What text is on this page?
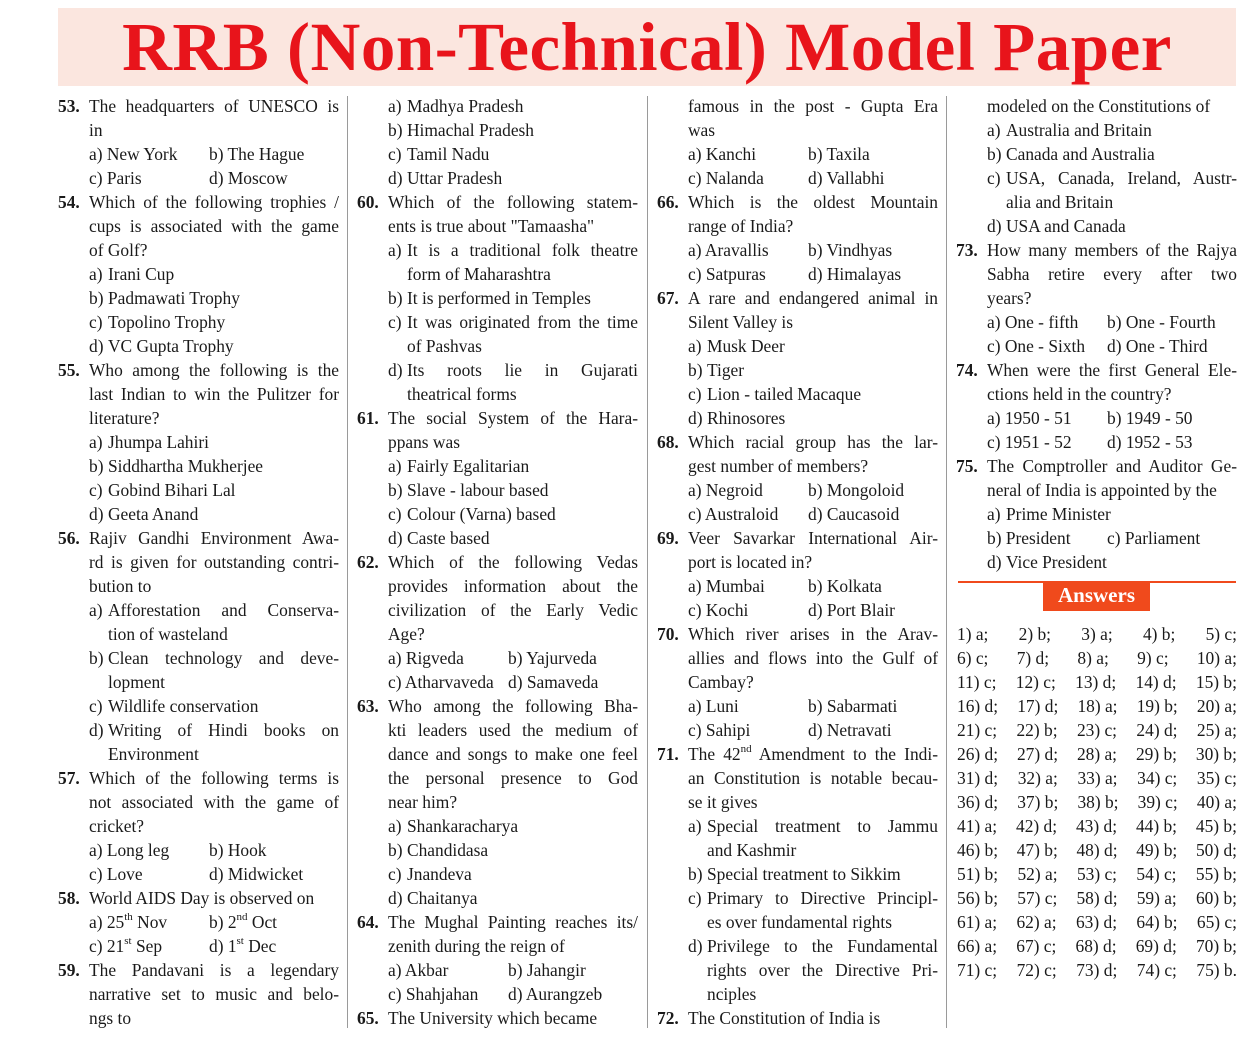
RRB (Non-Technical) Model Paper
53. The headquarters of UNESCO is
in
a) New York	b) The Hague
c) Paris	d) Moscow
54. Which of the following trophies /
cups is associated with the game
of Golf?
a) Irani Cup
b) Padmawati Trophy
c) Topolino Trophy
d) VC Gupta Trophy
55. Who among the following is the
last Indian to win the Pulitzer for
literature?
a) Jhumpa Lahiri
b) Siddhartha Mukherjee
c) Gobind Bihari Lal
d) Geeta Anand
56. Rajiv Gandhi Environment Awa-
rd is given for outstanding contri-
bution to
a) Afforestation and Conserva-
tion of wasteland
b) Clean technology and deve-
lopment
c) Wildlife conservation
d) Writing of Hindi books on
Environment
57. Which of the following terms is
not associated with the game of
cricket?
a) Long leg	b) Hook
c) Love	d) Midwicket
58. World AIDS Day is observed on
a) 25th Nov	b) 2nd Oct
c) 21st Sep	d) 1st Dec
59. The Pandavani is a legendary
narrative set to music and belo-
ngs to
a) Madhya Pradesh
b) Himachal Pradesh
c) Tamil Nadu
d) Uttar Pradesh
60. Which of the following statem-
ents is true about "Tamaasha"
a) It is a traditional folk theatre
form of Maharashtra
b) It is performed in Temples
c) It was originated from the time
of Pashvas
d) Its roots lie in Gujarati
theatrical forms
61. The social System of the Hara-
ppans was
a) Fairly Egalitarian
b) Slave - labour based
c) Colour (Varna) based
d) Caste based
62. Which of the following Vedas
provides information about the
civilization of the Early Vedic
Age?
a) Rigveda	b) Yajurveda
c) Atharvaveda d) Samaveda
63. Who among the following Bha-
kti leaders used the medium of
dance and songs to make one feel
the personal presence to God
near him?
a) Shankaracharya
b) Chandidasa
c) Jnandeva
d) Chaitanya
64. The Mughal Painting reaches its/
zenith during the reign of
a) Akbar	b) Jahangir
c) Shahjahan	d) Aurangzeb
65. The University which became
famous in the post - Gupta Era
was
a) Kanchi	b) Taxila
c) Nalanda	d) Vallabhi
66. Which is the oldest Mountain
range of India?
a) Aravallis	b) Vindhyas
c) Satpuras	d) Himalayas
67. A rare and endangered animal in
Silent Valley is
a) Musk Deer
b) Tiger
c) Lion - tailed Macaque
d) Rhinosores
68. Which racial group has the lar-
gest number of members?
a) Negroid	b) Mongoloid
c) Australoid	d) Caucasoid
69. Veer Savarkar International Air-
port is located in?
a) Mumbai	b) Kolkata
c) Kochi	d) Port Blair
70. Which river arises in the Arav-
allies and flows into the Gulf of
Cambay?
a) Luni	b) Sabarmati
c) Sahipi	d) Netravati
71. The 42nd Amendment to the Indi-
an Constitution is notable becau-
se it gives
a) Special treatment to Jammu
and Kashmir
b) Special treatment to Sikkim
c) Primary to Directive Principl-
es over fundamental rights
d) Privilege to the Fundamental
rights over the Directive Pri-
nciples
72. The Constitution of India is
modeled on the Constitutions of
a) Australia and Britain
b) Canada and Australia
c) USA, Canada, Ireland, Austr-
alia and Britain
d) USA and Canada
73. How many members of the Rajya
Sabha retire every after two
years?
a) One - fifth	b) One - Fourth
c) One - Sixth	d) One - Third
74. When were the first General Ele-
ctions held in the country?
a) 1950 - 51	b) 1949 - 50
c) 1951 - 52	d) 1952 - 53
75. The Comptroller and Auditor Ge-
neral of India is appointed by the
a) Prime Minister
b) President	c) Parliament
d) Vice President
Answers
1) a; 2) b; 3) a; 4) b; 5) c;
6) c; 7) d; 8) a; 9) c; 10) a;
11) c; 12) c; 13) d; 14) d; 15) b;
16) d; 17) d; 18) a; 19) b; 20) a;
21) c; 22) b; 23) c; 24) d; 25) a;
26) d; 27) d; 28) a; 29) b; 30) b;
31) d; 32) a; 33) a; 34) c; 35) c;
36) d; 37) b; 38) b; 39) c; 40) a;
41) a; 42) d; 43) d; 44) b; 45) b;
46) b; 47) b; 48) d; 49) b; 50) d;
51) b; 52) a; 53) c; 54) c; 55) b;
56) b; 57) c; 58) d; 59) a; 60) b;
61) a; 62) a; 63) d; 64) b; 65) c;
66) a; 67) c; 68) d; 69) d; 70) b;
71) c; 72) c; 73) d; 74) c; 75) b.
